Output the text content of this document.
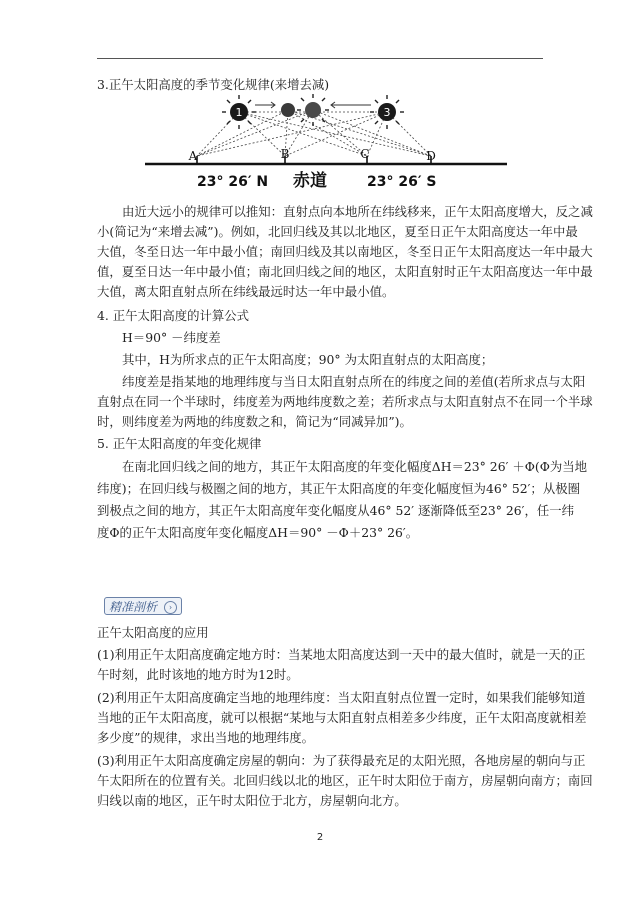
3.正午太阳高度的季节变化规律(来增去减)
1	3
A	B	C	D
23° 26′ N 赤道	23° 26′ S
由近大远小的规律可以推知：直射点向本地所在纬线移来，正午太阳高度增大，反之减
小(简记为“来增去减”)。例如，北回归线及其以北地区，夏至日正午太阳高度达一年中最
大值，冬至日达一年中最小值；南回归线及其以南地区，冬至日正午太阳高度达一年中最大
值，夏至日达一年中最小值；南北回归线之间的地区，太阳直射时正午太阳高度达一年中最
大值，离太阳直射点所在纬线最远时达一年中最小值。
4. 正午太阳高度的计算公式
H＝90° －纬度差
其中，H为所求点的正午太阳高度；90° 为太阳直射点的太阳高度；
纬度差是指某地的地理纬度与当日太阳直射点所在的纬度之间的差值(若所求点与太阳
直射点在同一个半球时，纬度差为两地纬度数之差；若所求点与太阳直射点不在同一个半球
时，则纬度差为两地的纬度数之和，简记为“同减异加”)。
5. 正午太阳高度的年变化规律
在南北回归线之间的地方，其正午太阳高度的年变化幅度ΔH＝23° 26′ ＋Φ(Φ为当地
纬度)；在回归线与极圈之间的地方，其正午太阳高度的年变化幅度恒为46° 52′；从极圈
到极点之间的地方，其正午太阳高度年变化幅度从46° 52′ 逐渐降低至23° 26′，任一纬
度Φ的正午太阳高度年变化幅度ΔH＝90° －Φ＋23° 26′。
精准剖析	›
正午太阳高度的应用
(1)利用正午太阳高度确定地方时：当某地太阳高度达到一天中的最大值时，就是一天的正
午时刻，此时该地的地方时为12时。
(2)利用正午太阳高度确定当地的地理纬度：当太阳直射点位置一定时，如果我们能够知道
当地的正午太阳高度，就可以根据“某地与太阳直射点相差多少纬度，正午太阳高度就相差
多少度”的规律，求出当地的地理纬度。
(3)利用正午太阳高度确定房屋的朝向：为了获得最充足的太阳光照，各地房屋的朝向与正
午太阳所在的位置有关。北回归线以北的地区，正午时太阳位于南方，房屋朝向南方；南回
归线以南的地区，正午时太阳位于北方，房屋朝向北方。
2
